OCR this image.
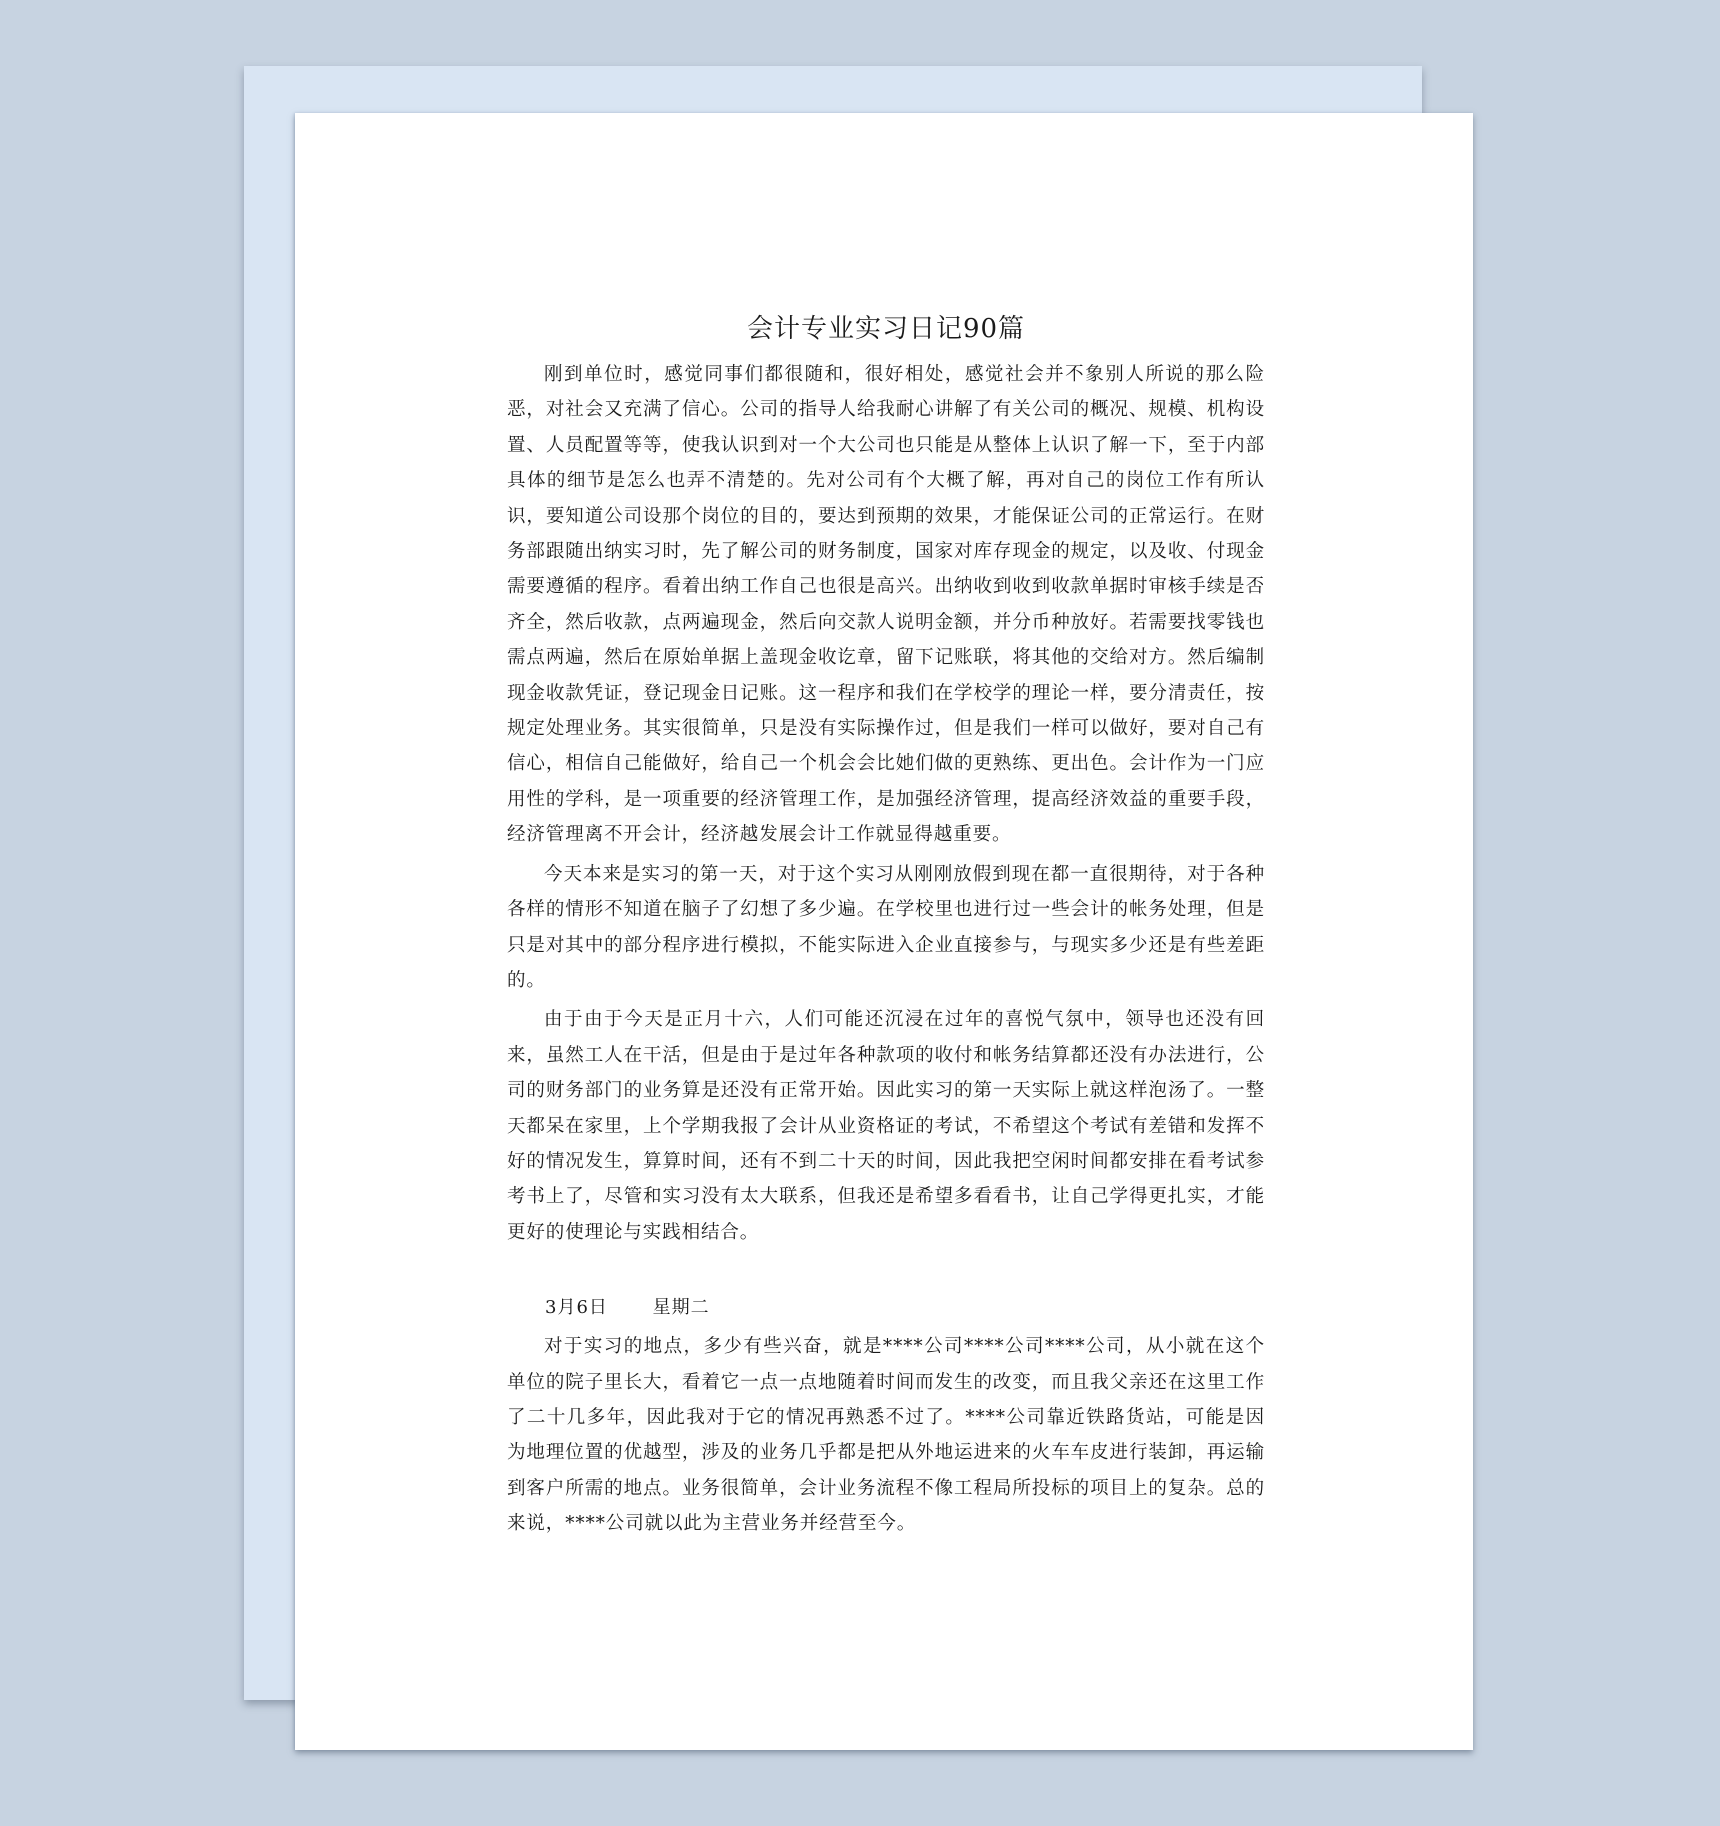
会计专业实习日记90篇

刚到单位时，感觉同事们都很随和，很好相处，感觉社会并不象别人所说的那么险恶，对社会又充满了信心。公司的指导人给我耐心讲解了有关公司的概况、规模、机构设置、人员配置等等，使我认识到对一个大公司也只能是从整体上认识了解一下，至于内部具体的细节是怎么也弄不清楚的。先对公司有个大概了解，再对自己的岗位工作有所认识，要知道公司设那个岗位的目的，要达到预期的效果，才能保证公司的正常运行。在财务部跟随出纳实习时，先了解公司的财务制度，国家对库存现金的规定，以及收、付现金需要遵循的程序。看着出纳工作自己也很是高兴。出纳收到收到收款单据时审核手续是否齐全，然后收款，点两遍现金，然后向交款人说明金额，并分币种放好。若需要找零钱也需点两遍，然后在原始单据上盖现金收讫章，留下记账联，将其他的交给对方。然后编制现金收款凭证，登记现金日记账。这一程序和我们在学校学的理论一样，要分清责任，按规定处理业务。其实很简单，只是没有实际操作过，但是我们一样可以做好，要对自己有信心，相信自己能做好，给自己一个机会会比她们做的更熟练、更出色。会计作为一门应用性的学科，是一项重要的经济管理工作，是加强经济管理，提高经济效益的重要手段，经济管理离不开会计，经济越发展会计工作就显得越重要。

今天本来是实习的第一天，对于这个实习从刚刚放假到现在都一直很期待，对于各种各样的情形不知道在脑子了幻想了多少遍。在学校里也进行过一些会计的帐务处理，但是只是对其中的部分程序进行模拟，不能实际进入企业直接参与，与现实多少还是有些差距的。

由于由于今天是正月十六，人们可能还沉浸在过年的喜悦气氛中，领导也还没有回来，虽然工人在干活，但是由于是过年各种款项的收付和帐务结算都还没有办法进行，公司的财务部门的业务算是还没有正常开始。因此实习的第一天实际上就这样泡汤了。一整天都呆在家里，上个学期我报了会计从业资格证的考试，不希望这个考试有差错和发挥不好的情况发生，算算时间，还有不到二十天的时间，因此我把空闲时间都安排在看考试参考书上了，尽管和实习没有太大联系，但我还是希望多看看书，让自己学得更扎实，才能更好的使理论与实践相结合。

3月6日 星期二

对于实习的地点，多少有些兴奋，就是****公司****公司****公司，从小就在这个单位的院子里长大，看着它一点一点地随着时间而发生的改变，而且我父亲还在这里工作了二十几多年，因此我对于它的情况再熟悉不过了。****公司靠近铁路货站，可能是因为地理位置的优越型，涉及的业务几乎都是把从外地运进来的火车车皮进行装卸，再运输到客户所需的地点。业务很简单，会计业务流程不像工程局所投标的项目上的复杂。总的来说，****公司就以此为主营业务并经营至今。
